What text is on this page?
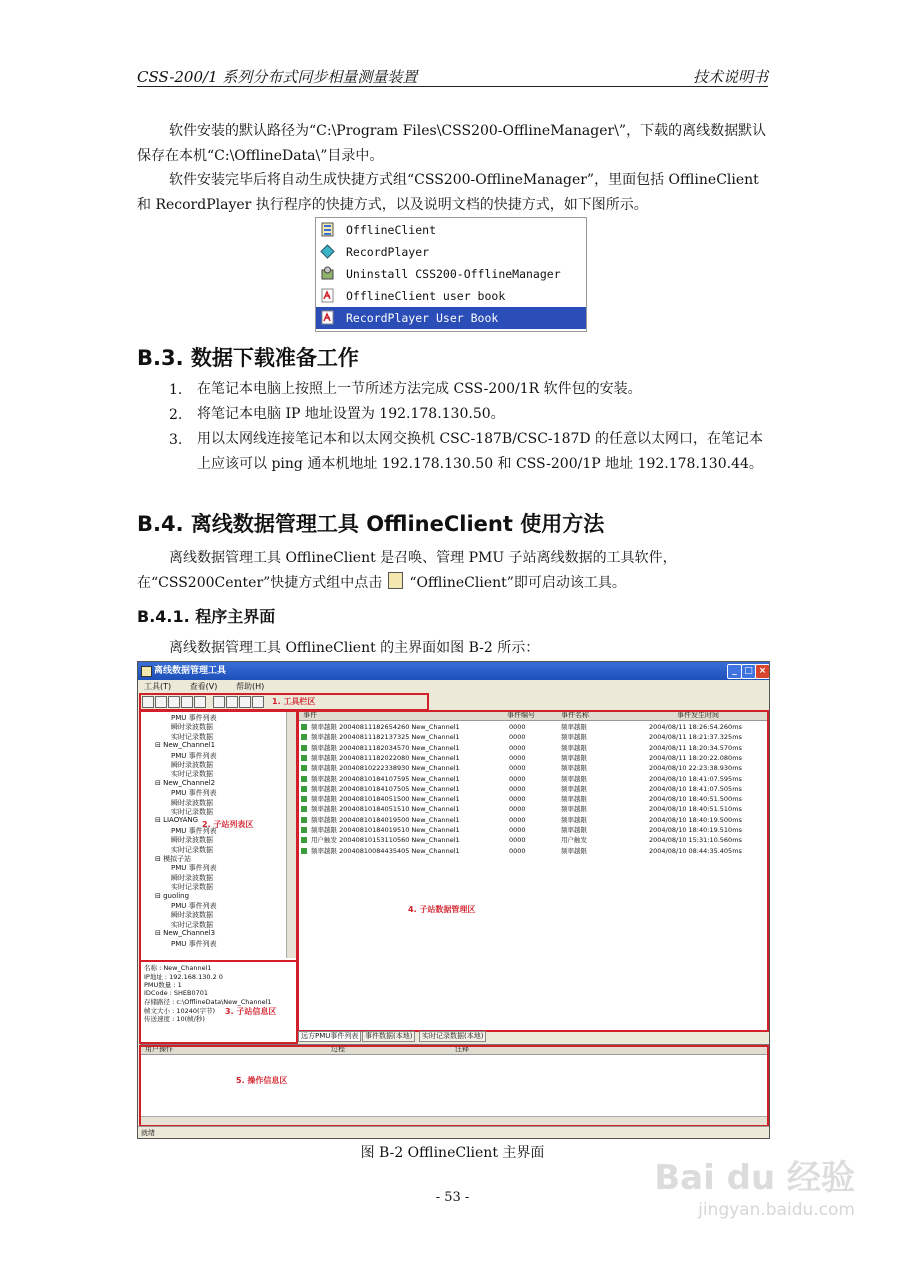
CSS-200/1 系列分布式同步相量测量装置	技术说明书
软件安装的默认路径为“C:\Program Files\CSS200-OfflineManager\”，下载的离线数据默认保存在本机“C:\OfflineData\”目录中。
软件安装完毕后将自动生成快捷方式组“CSS200-OfflineManager”，里面包括 OfflineClient 和 RecordPlayer 执行程序的快捷方式，以及说明文档的快捷方式，如下图所示。
OfflineClient
RecordPlayer
Uninstall CSS200-OfflineManager
OfflineClient user book
RecordPlayer User Book
B.3. 数据下载准备工作
1. 在笔记本电脑上按照上一节所述方法完成 CSS-200/1R 软件包的安装。
2. 将笔记本电脑 IP 地址设置为 192.178.130.50。
3. 用以太网线连接笔记本和以太网交换机 CSC-187B/CSC-187D 的任意以太网口，在笔记本上应该可以 ping 通本机地址 192.178.130.50 和 CSS-200/1P 地址 192.178.130.44。
B.4. 离线数据管理工具 OfflineClient 使用方法
离线数据管理工具 OfflineClient 是召唤、管理 PMU 子站离线数据的工具软件，在“CSS200Center”快捷方式组中点击 “OfflineClient”即可启动该工具。
B.4.1. 程序主界面
离线数据管理工具 OfflineClient 的主界面如图 B-2 所示：
离线数据管理工具	_ □ ×
工具(T) 查看(V) 帮助(H)
1. 工具栏区
PMU 事件列表
瞬时录波数据
实时记录数据
⊟ New_Channel1
PMU 事件列表
瞬时录波数据
实时记录数据
⊟ New_Channel2
PMU 事件列表
瞬时录波数据
实时记录数据
⊟ LIAOYANG
PMU 事件列表
瞬时录波数据
实时记录数据
⊟ 模拟子站
PMU 事件列表
瞬时录波数据
实时记录数据
⊟ guoling
PMU 事件列表
瞬时录波数据
实时记录数据
⊟ New_Channel3
PMU 事件列表
2. 子站列表区
名称 : New_Channel1
IP地址 : 192.168.130.2 0
PMU数量 : 1
IDCode : SHEB0701
存储路径 : c:\OfflineData\New_Channel1
帧文大小 : 10240(字节)
传送速度 : 10(帧/秒)
3. 子站信息区
事件	事件编号	事件名称	事件发生时间
频率越限 20040811182654260 New_Channel1	0000	频率越限	2004/08/11 18:26:54.260ms
频率越限 20040811182137325 New_Channel1	0000	频率越限	2004/08/11 18:21:37.325ms
频率越限 20040811182034570 New_Channel1	0000	频率越限	2004/08/11 18:20:34.570ms
频率越限 20040811182022080 New_Channel1	0000	频率越限	2004/08/11 18:20:22.080ms
频率越限 20040810222338930 New_Channel1	0000	频率越限	2004/08/10 22:23:38.930ms
频率越限 20040810184107595 New_Channel1	0000	频率越限	2004/08/10 18:41:07.595ms
频率越限 20040810184107505 New_Channel1	0000	频率越限	2004/08/10 18:41:07.505ms
频率越限 20040810184051500 New_Channel1	0000	频率越限	2004/08/10 18:40:51.500ms
频率越限 20040810184051510 New_Channel1	0000	频率越限	2004/08/10 18:40:51.510ms
频率越限 20040810184019500 New_Channel1	0000	频率越限	2004/08/10 18:40:19.500ms
频率越限 20040810184019510 New_Channel1	0000	频率越限	2004/08/10 18:40:19.510ms
用户触发 20040810153110560 New_Channel1	0000	用户触发	2004/08/10 15:31:10.560ms
频率越限 20040810084435405 New_Channel1	0000	频率越限	2004/08/10 08:44:35.405ms
4. 子站数据管理区
远方PMU事件列表 事件数据(本地)	实时记录数据(本地)
用户操作	过程	注释
5. 操作信息区
就绪
图 B-2 OfflineClient 主界面
- 53 -	Bai du 经验
jingyan.baidu.com
